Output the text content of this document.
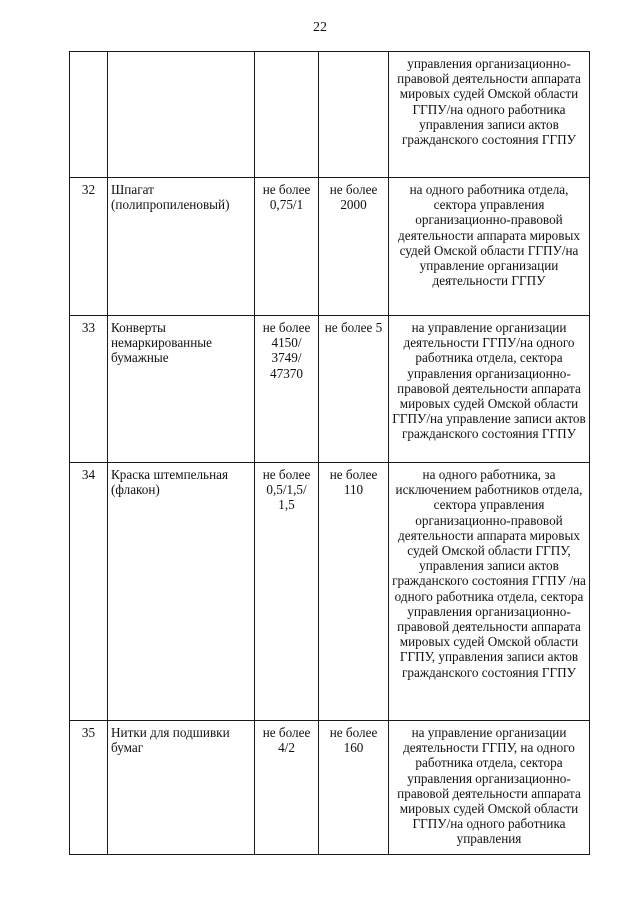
22
				управления организационно-правовой деятельности аппарата мировых судей Омской области ГГПУ/на одного работника управления записи актов гражданского состояния ГГПУ
32	Шпагат (полипропиленовый)	не более 0,75/1	не более 2000	на одного работника отдела, сектора управления организационно-правовой деятельности аппарата мировых судей Омской области ГГПУ/на управление организации деятельности ГГПУ
33	Конверты немаркированные бумажные	не более 4150/ 3749/ 47370	не более 5	на управление организации деятельности ГГПУ/на одного работника отдела, сектора управления организационно-правовой деятельности аппарата мировых судей Омской области ГГПУ/на управление записи актов гражданского состояния ГГПУ
34	Краска штемпельная (флакон)	не более 0,5/1,5/ 1,5	не более 110	на одного работника, за исключением работников отдела, сектора управления организационно-правовой деятельности аппарата мировых судей Омской области ГГПУ, управления записи актов гражданского состояния ГГПУ /на одного работника отдела, сектора управления организационно-правовой деятельности аппарата мировых судей Омской области ГГПУ, управления записи актов гражданского состояния ГГПУ
35	Нитки для подшивки бумаг	не более 4/2	не более 160	на управление организации деятельности ГГПУ, на одного работника отдела, сектора управления организационно-правовой деятельности аппарата мировых судей Омской области ГГПУ/на одного работника управления
